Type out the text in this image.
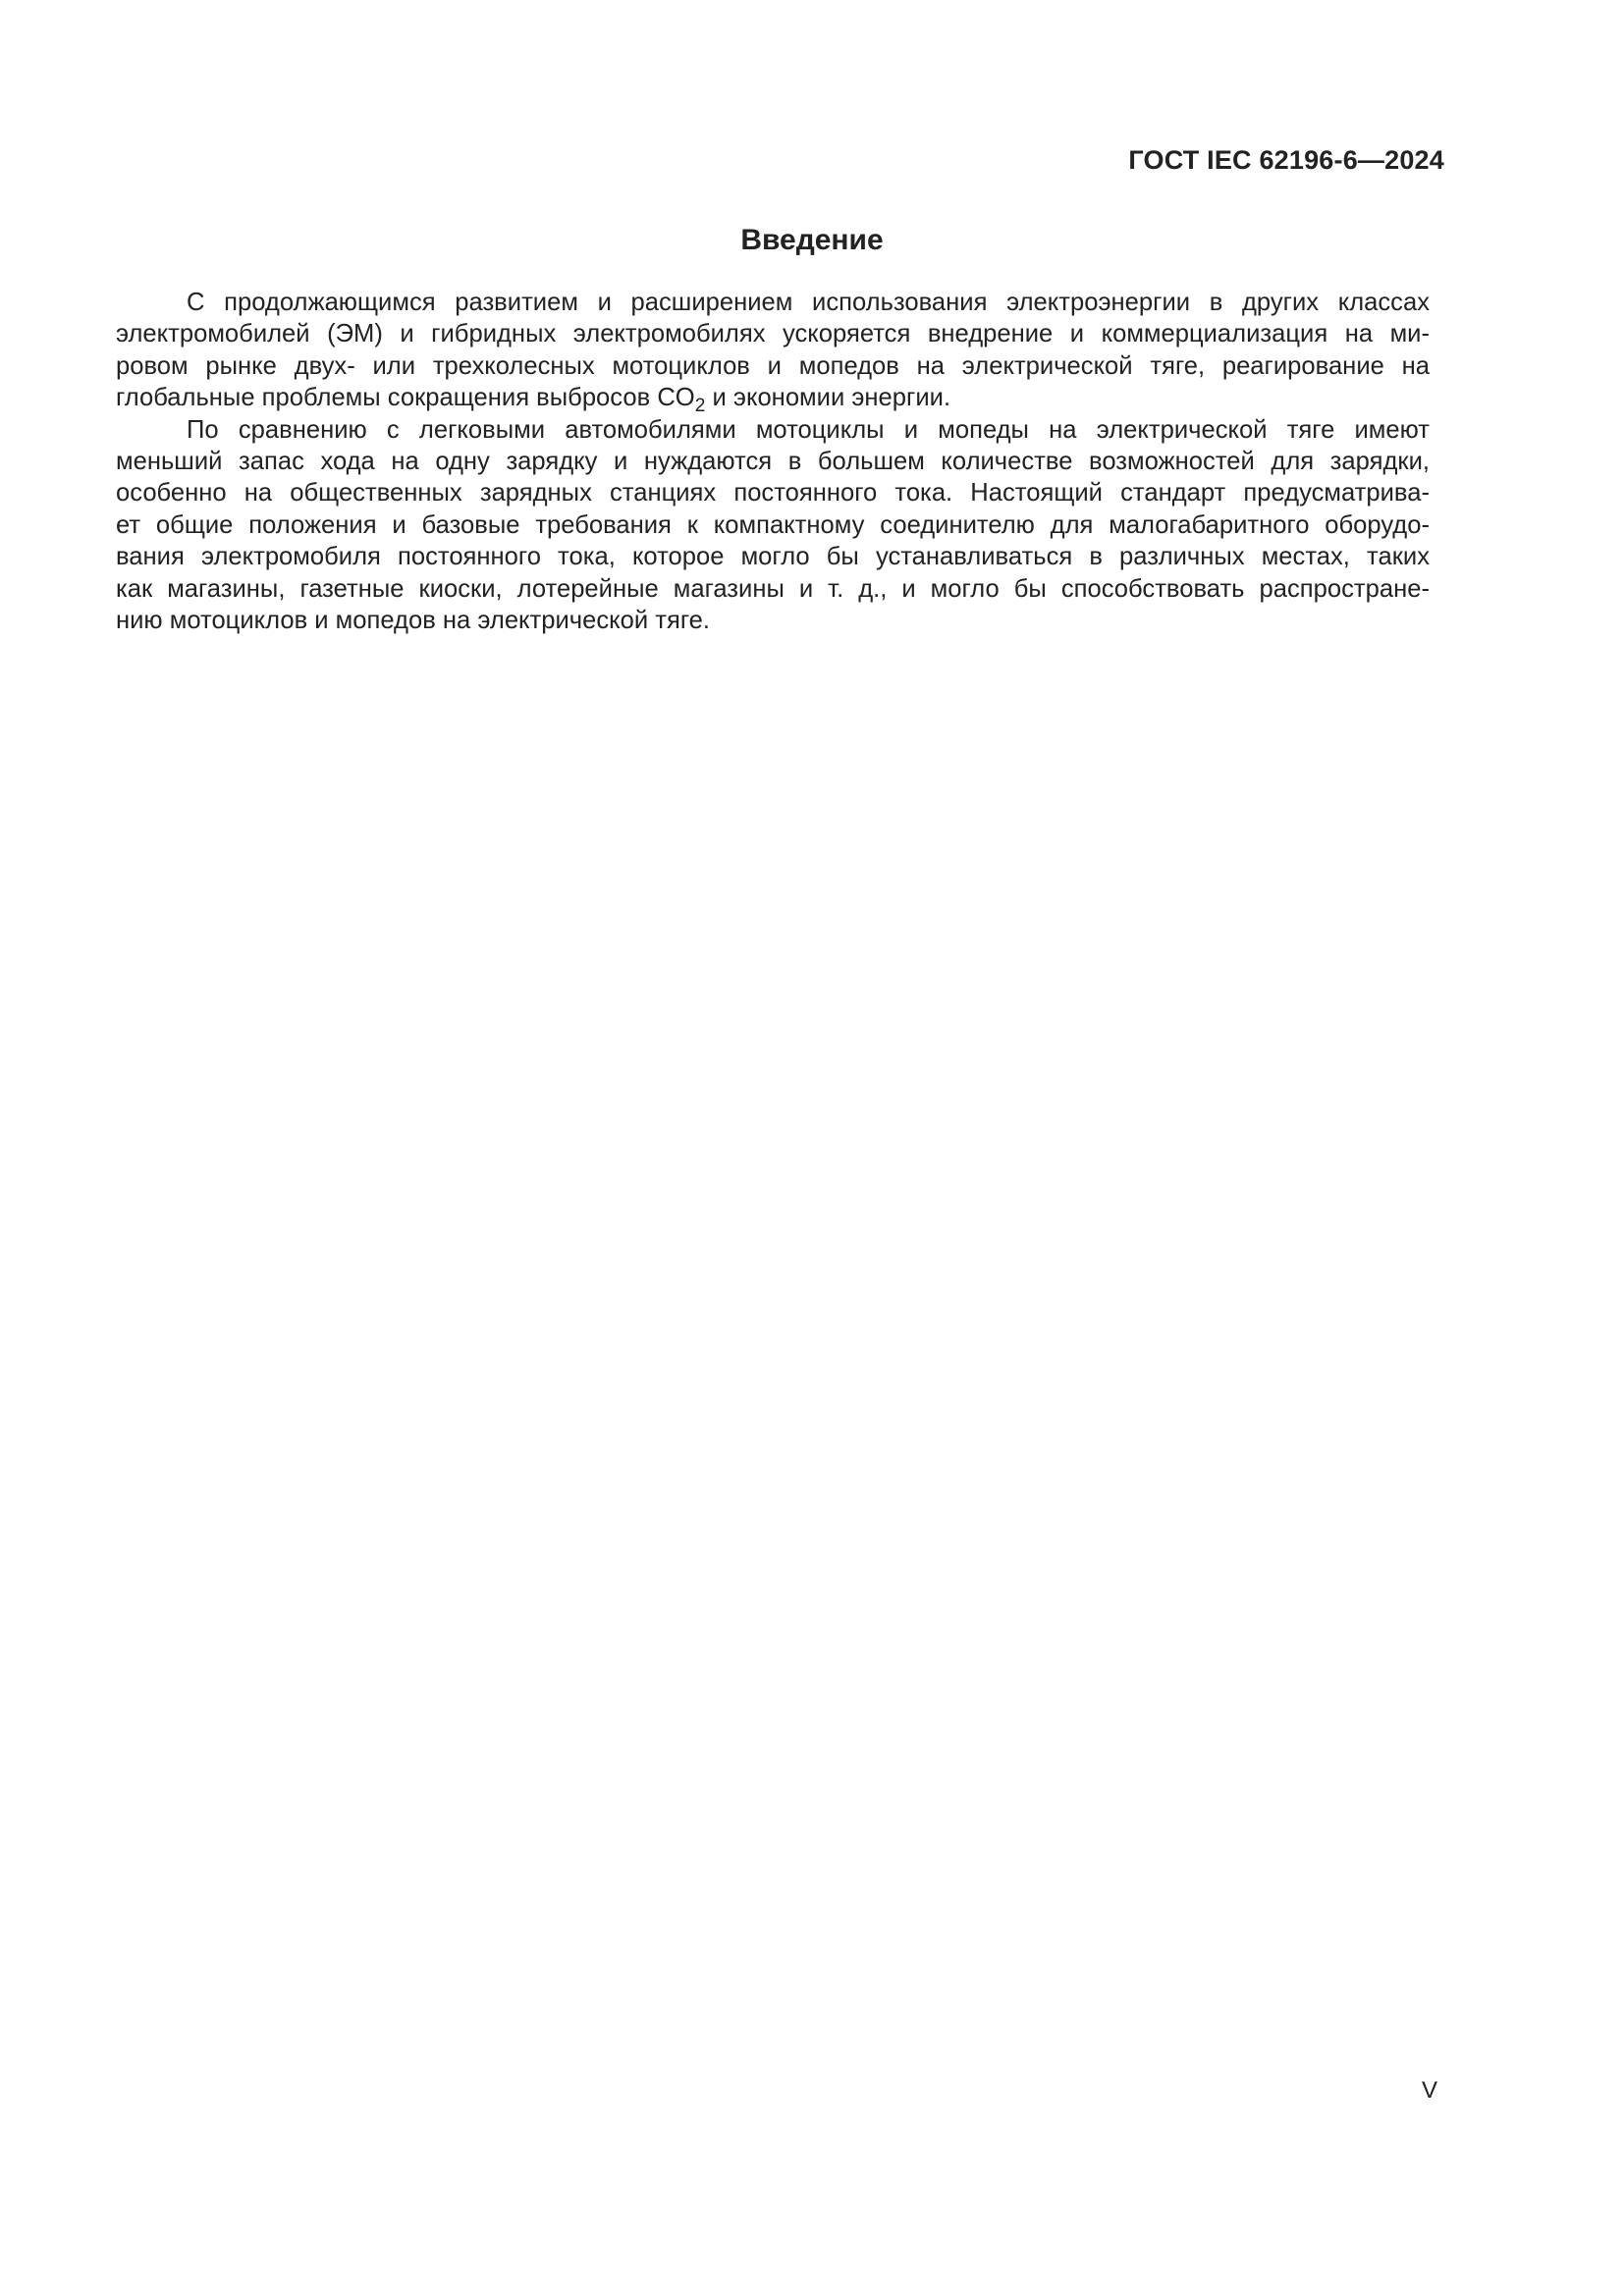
ГОСТ IEC 62196-6—2024
Введение
С продолжающимся развитием и расширением использования электроэнергии в других классах
электромобилей (ЭМ) и гибридных электромобилях ускоряется внедрение и коммерциализация на ми-
ровом рынке двух- или трехколесных мотоциклов и мопедов на электрической тяге, реагирование на
глобальные проблемы сокращения выбросов $CO_2$ и экономии энергии.
По сравнению с легковыми автомобилями мотоциклы и мопеды на электрической тяге имеют
меньший запас хода на одну зарядку и нуждаются в большем количестве возможностей для зарядки,
особенно на общественных зарядных станциях постоянного тока. Настоящий стандарт предусматрива-
ет общие положения и базовые требования к компактному соединителю для малогабаритного оборудо-
вания электромобиля постоянного тока, которое могло бы устанавливаться в различных местах, таких
как магазины, газетные киоски, лотерейные магазины и т. д., и могло бы способствовать распростране-
нию мотоциклов и мопедов на электрической тяге.
V
